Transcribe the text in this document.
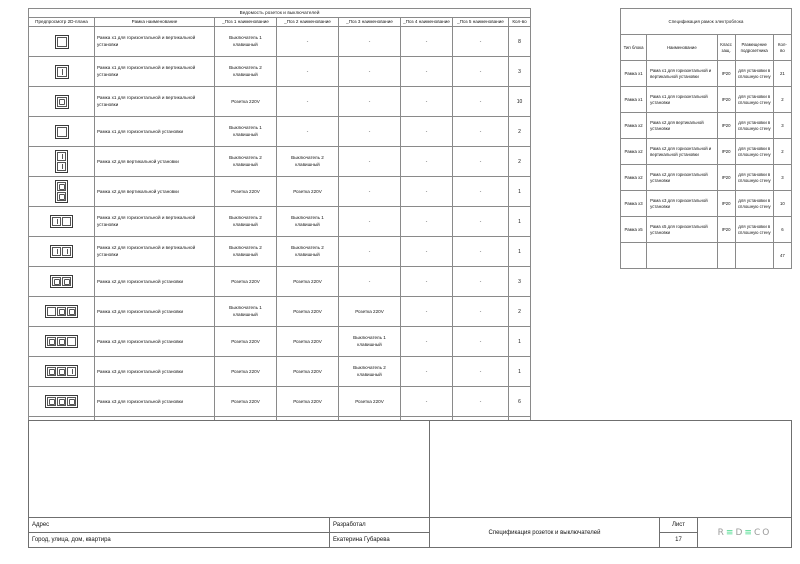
Ведомость розеток и выключателей							
Предпросмотр 2D-плана	Рамка наименование	_Поз 1 наименование	_Поз 2 наименование	_Поз 3 наименование	_Поз 4 наименование	_Поз 5 наименование	Кол-во

	Рамка х1 для горизонтальной и вертикальной установки	Выключатель 1 клавишный	-	-	-	-	8

	Рамка х1 для горизонтальной и вертикальной установки	Выключатель 2 клавишный	-	-	-	-	3

	Рамка х1 для горизонтальной и вертикальной установки	Розетка 220V	-	-	-	-	10

	Рамка х1 для горизонтальной установки	Выключатель 1 клавишный	-	-	-	-	2

	Рамка х2 для вертикальной установки	Выключатель 2 клавишный	Выключатель 2 клавишный	-	-	-	2

	Рамка х2 для вертикальной установки	Розетка 220V	Розетка 220V	-	-	-	1

	Рамка х2 для горизонтальной и вертикальной установки	Выключатель 2 клавишный	Выключатель 1 клавишный	-	-	-	1

	Рамка х2 для горизонтальной и вертикальной установки	Выключатель 2 клавишный	Выключатель 2 клавишный	-	-	-	1

	Рамка х2 для горизонтальной установки	Розетка 220V	Розетка 220V	-	-	-	3

	Рамка х3 для горизонтальной установки	Выключатель 1 клавишный	Розетка 220V	Розетка 220V	-	-	2

	Рамка х3 для горизонтальной установки	Розетка 220V	Розетка 220V	Выключатель 1 клавишный	-	-	1

	Рамка х3 для горизонтальной установки	Розетка 220V	Розетка 220V	Выключатель 2 клавишный	-	-	1

	Рамка х3 для горизонтальной установки	Розетка 220V	Розетка 220V	Розетка 220V	-	-	6

Спецификация рамок электроблока				
Тип блока	Наименование	Класс защ.	Размещение подрозетника	Кол-во
Рамка x1	Рама x1 для горизонтальной и вертикальной установки	IP20	для установки в сплошную стену	21
Рамка x1	Рама x1 для горизонтальной установки	IP20	для установки в сплошную стену	2
Рамка x2	Рама x2 для вертикальной установки	IP20	для установки в сплошную стену	3
Рамка x2	Рама x2 для горизонтальной и вертикальной установки	IP20	для установки в сплошную стену	2
Рамка x2	Рама x2 для горизонтальной установки	IP20	для установки в сплошную стену	3
Рамка x3	Рама x3 для горизонтальной установки	IP20	для установки в сплошную стену	10
Рамка x5	Рама x5 для горизонтальной установки	IP20	для установки в сплошную стену	6
				47
Адрес
Город, улица, дом, квартира
Разработал
Екатерина Губарева
Спецификация розеток и выключателей
Лист
17
R≡D≡CO
